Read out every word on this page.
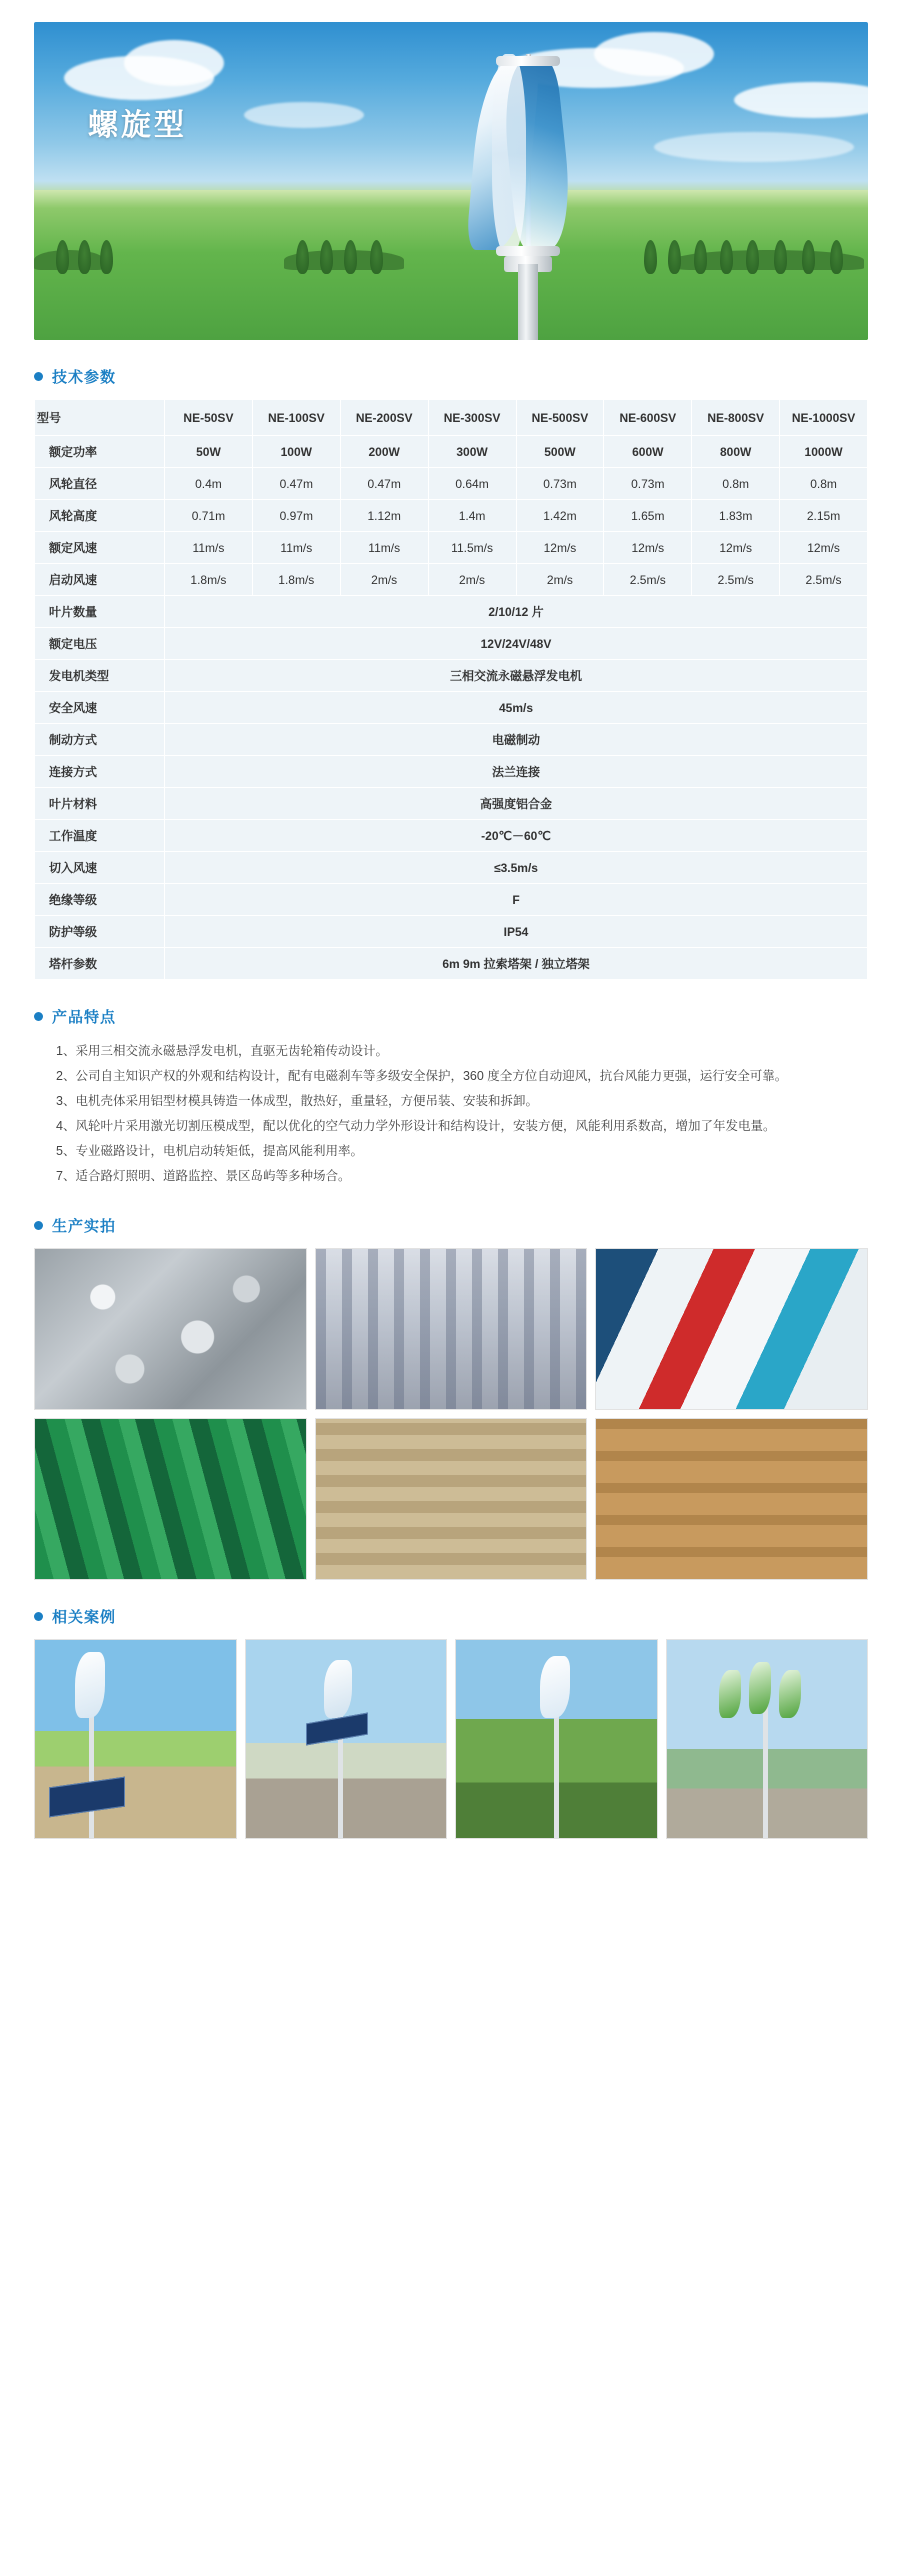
螺旋型
技术参数
型号	NE-50SV	NE-100SV	NE-200SV	NE-300SV	NE-500SV	NE-600SV	NE-800SV	NE-1000SV
额定功率	50W	100W	200W	300W	500W	600W	800W	1000W
风轮直径	0.4m	0.47m	0.47m	0.64m	0.73m	0.73m	0.8m	0.8m
风轮高度	0.71m	0.97m	1.12m	1.4m	1.42m	1.65m	1.83m	2.15m
额定风速	11m/s	11m/s	11m/s	11.5m/s	12m/s	12m/s	12m/s	12m/s
启动风速	1.8m/s	1.8m/s	2m/s	2m/s	2m/s	2.5m/s	2.5m/s	2.5m/s
叶片数量	2/10/12 片							
额定电压	12V/24V/48V							
发电机类型	三相交流永磁悬浮发电机							
安全风速	45m/s							
制动方式	电磁制动							
连接方式	法兰连接							
叶片材料	高强度铝合金							
工作温度	-20℃－60℃							
切入风速	≤3.5m/s							
绝缘等级	F							
防护等级	IP54							
塔杆参数	6m 9m 拉索塔架 / 独立塔架							
产品特点

1、采用三相交流永磁悬浮发电机，直驱无齿轮箱传动设计。

2、公司自主知识产权的外观和结构设计，配有电磁刹车等多级安全保护，360 度全方位自动迎风，抗台风能力更强，运行安全可靠。

3、电机壳体采用铝型材模具铸造一体成型，散热好，重量轻，方便吊装、安装和拆卸。

4、风轮叶片采用激光切割压模成型，配以优化的空气动力学外形设计和结构设计，安装方便，风能利用系数高，增加了年发电量。

5、专业磁路设计，电机启动转矩低，提高风能利用率。

7、适合路灯照明、道路监控、景区岛屿等多种场合。

生产实拍
相关案例
